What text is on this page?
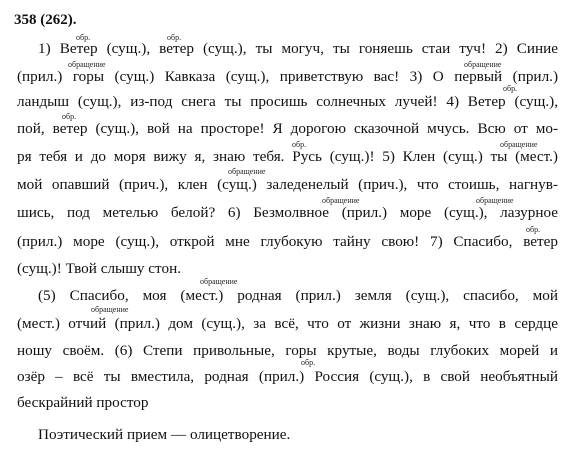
358 (262).
обр.	обр.
обращение	обращение
обр.
обр.
обр.	обращение
обращение
обращение	обращение
обр.
обращение
обращение
обр.
1) Ветер (сущ.), ветер (сущ.), ты могуч, ты гоняешь стаи туч! 2) Синие
(прил.) горы (сущ.) Кавказа (сущ.), приветствую вас! 3) О первый (прил.)
ландыш (сущ.), из-под снега ты просишь солнечных лучей! 4) Ветер (сущ.),
пой, ветер (сущ.), вой на просторе! Я дорогою сказочной мчусь. Всю от мо-
ря тебя и до моря вижу я, знаю тебя. Русь (сущ.)! 5) Клен (сущ.) ты (мест.)
мой опавший (прич.), клен (сущ.) заледенелый (прич.), что стоишь, нагнув-
шись, под метелью белой? 6) Безмолвное (прил.) море (сущ.), лазурное
(прил.) море (сущ.), открой мне глубокую тайну свою! 7) Спасибо, ветер
(сущ.)! Твой слышу стон.
(5) Спасибо, моя (мест.) родная (прил.) земля (сущ.), спасибо, мой
(мест.) отчий (прил.) дом (сущ.), за всё, что от жизни знаю я, что в сердце
ношу своём. (6) Степи привольные, горы крутые, воды глубоких морей и
озёр – всё ты вместила, родная (прил.) Россия (сущ.), в свой необъятный
бескрайний простор
Поэтический прием — олицетворение.
